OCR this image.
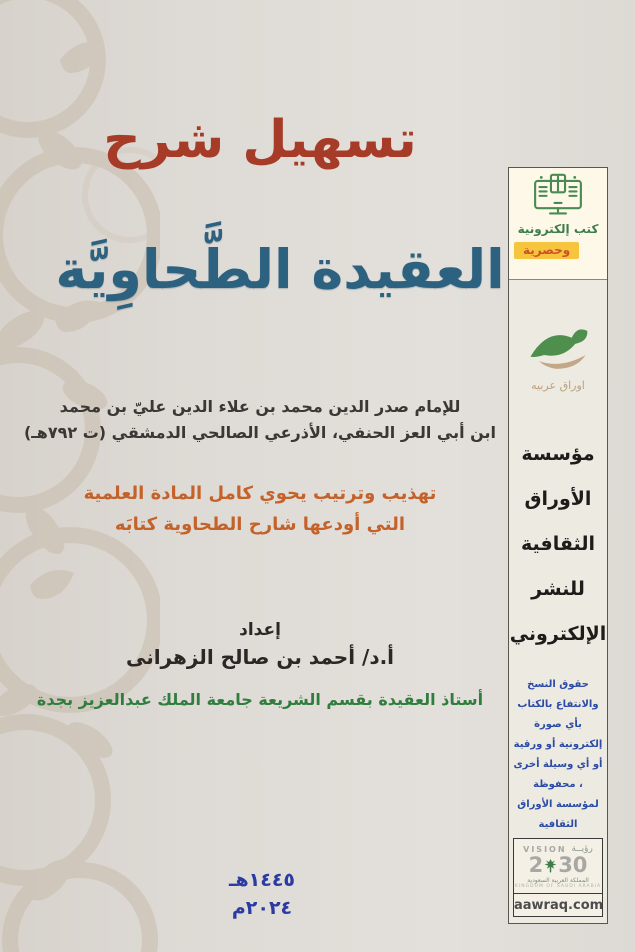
تسهيل شرح
العقيدة الطَّحاوِيَّة
للإمام صدر الدين محمد بن علاء الدين عليّ بن محمد
ابن أبي العز الحنفي، الأذرعي الصالحي الدمشقي (ت ٧٩٢هـ)
تهذيب وترتيب يحوي كامل المادة العلمية
التي أودعها شارح الطحاوية كتابَه
إعداد
أ.د/ أحمد بن صالح الزهرانى
أستاذ العقيدة بقسم الشريعة جامعة الملك عبدالعزيز بجدة
١٤٤٥هـ
٢٠٢٤م
كتب إلكترونية
وحصرية
اوراق عربيه
مؤسسة
الأوراق
الثقافية
للنشر
الإلكتروني
حقوق النسخ والانتفاع بالكتاب
بأي صورة إلكترونية أو ورقية
أو أي وسيلة أخرى ، محفوظة
لمؤسسة الأوراق الثقافية
VISION رؤيــة
2 30
المملكة العربية السعودية
KINGDOM OF SAUDI ARABIA
aawraq.com
